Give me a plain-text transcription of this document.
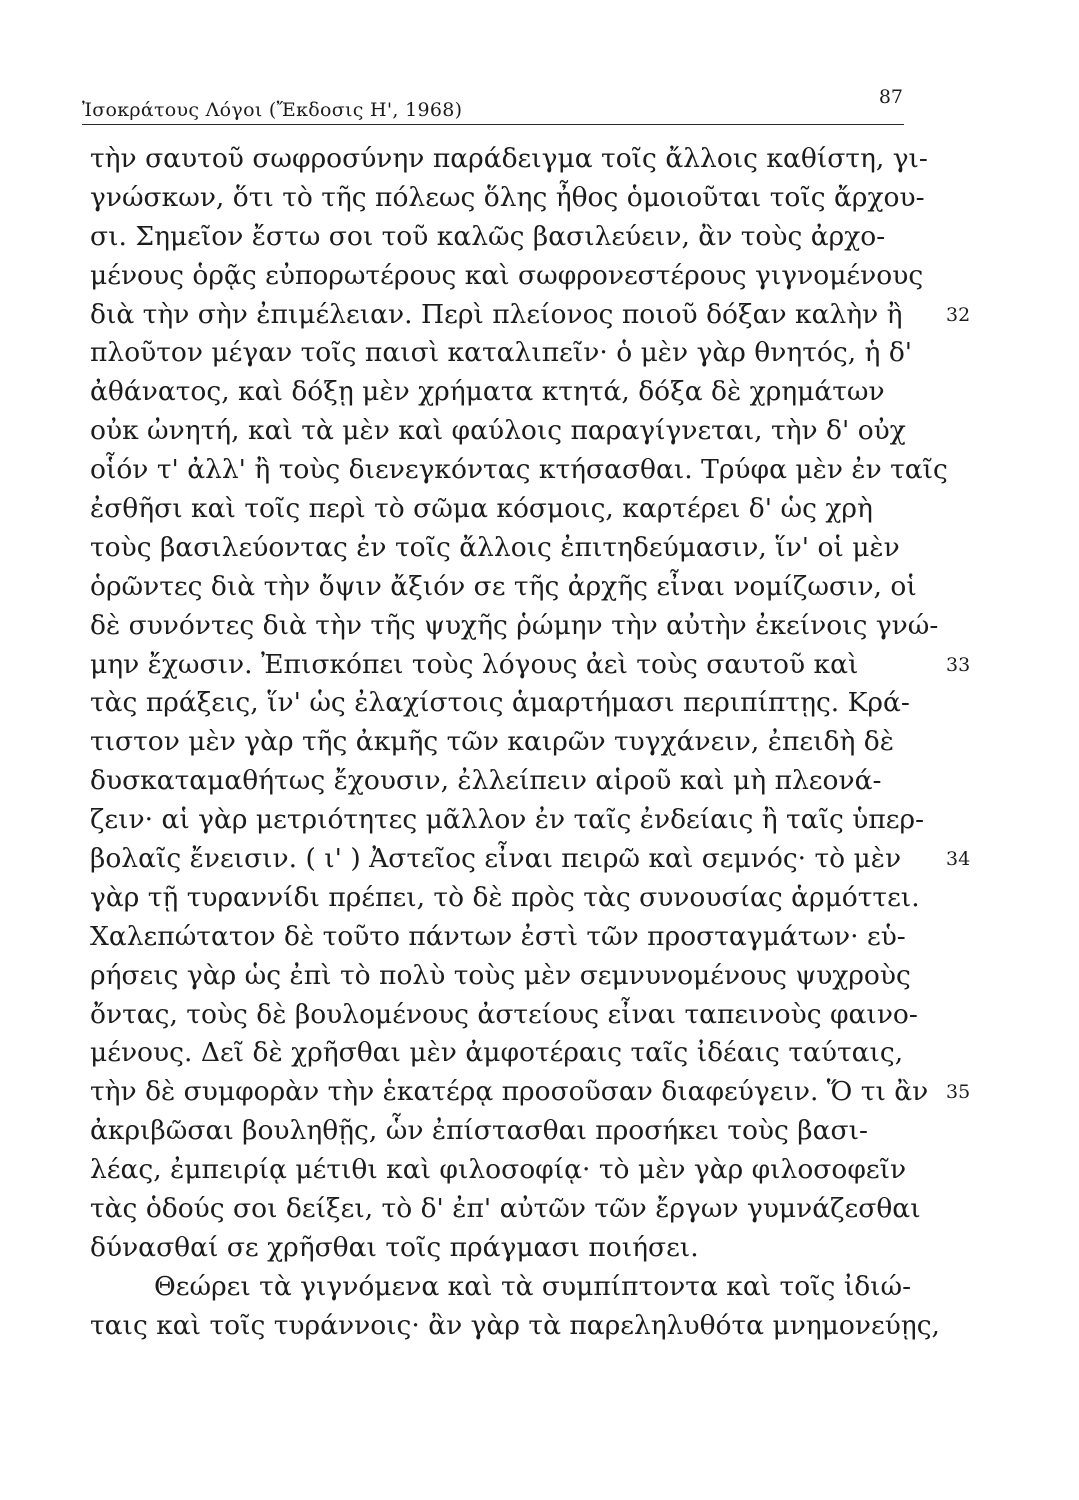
Ἰσοκράτους Λόγοι (Ἔκδοσις Η', 1968)
87
τὴν σαυτοῦ σωφροσύνην παράδειγμα τοῖς ἄλλοις καθίστη, γι-
γνώσκων, ὅτι τὸ τῆς πόλεως ὅλης ἦθος ὁμοιοῦται τοῖς ἄρχου-
σι. Σημεῖον ἔστω σοι τοῦ καλῶς βασιλεύειν, ἂν τοὺς ἀρχο-
μένους ὁρᾷς εὐπορωτέρους καὶ σωφρονεστέρους γιγνομένους
διὰ τὴν σὴν ἐπιμέλειαν. Περὶ πλείονος ποιοῦ δόξαν καλὴν ἢ 32
πλοῦτον μέγαν τοῖς παισὶ καταλιπεῖν· ὁ μὲν γὰρ θνητός, ἡ δ'
ἀθάνατος, καὶ δόξῃ μὲν χρήματα κτητά, δόξα δὲ χρημάτων
οὐκ ὠνητή, καὶ τὰ μὲν καὶ φαύλοις παραγίγνεται, τὴν δ' οὐχ
οἷόν τ' ἀλλ' ἢ τοὺς διενεγκόντας κτήσασθαι. Τρύφα μὲν ἐν ταῖς
ἐσθῆσι καὶ τοῖς περὶ τὸ σῶμα κόσμοις, καρτέρει δ' ὡς χρὴ
τοὺς βασιλεύοντας ἐν τοῖς ἄλλοις ἐπιτηδεύμασιν, ἵν' οἱ μὲν
ὁρῶντες διὰ τὴν ὄψιν ἄξιόν σε τῆς ἀρχῆς εἶναι νομίζωσιν, οἱ
δὲ συνόντες διὰ τὴν τῆς ψυχῆς ῥώμην τὴν αὐτὴν ἐκείνοις γνώ-
μην ἔχωσιν. Ἐπισκόπει τοὺς λόγους ἀεὶ τοὺς σαυτοῦ καὶ	33
τὰς πράξεις, ἵν' ὡς ἐλαχίστοις ἁμαρτήμασι περιπίπτῃς. Κρά-
τιστον μὲν γὰρ τῆς ἀκμῆς τῶν καιρῶν τυγχάνειν, ἐπειδὴ δὲ
δυσκαταμαθήτως ἔχουσιν, ἐλλείπειν αἱροῦ καὶ μὴ πλεονά-
ζειν· αἱ γὰρ μετριότητες μᾶλλον ἐν ταῖς ἐνδείαις ἢ ταῖς ὑπερ-
βολαῖς ἔνεισιν. ( ι' ) Ἀστεῖος εἶναι πειρῶ καὶ σεμνός· τὸ μὲν 34
γὰρ τῇ τυραννίδι πρέπει, τὸ δὲ πρὸς τὰς συνουσίας ἁρμόττει.
Χαλεπώτατον δὲ τοῦτο πάντων ἐστὶ τῶν προσταγμάτων· εὑ-
ρήσεις γὰρ ὡς ἐπὶ τὸ πολὺ τοὺς μὲν σεμνυνομένους ψυχροὺς
ὄντας, τοὺς δὲ βουλομένους ἀστείους εἶναι ταπεινοὺς φαινο-
μένους. Δεῖ δὲ χρῆσθαι μὲν ἀμφοτέραις ταῖς ἰδέαις ταύταις,
τὴν δὲ συμφορὰν τὴν ἑκατέρᾳ προσοῦσαν διαφεύγειν. Ὅ τι ἂν 35
ἀκριβῶσαι βουληθῇς, ὧν ἐπίστασθαι προσήκει τοὺς βασι-
λέας, ἐμπειρίᾳ μέτιθι καὶ φιλοσοφίᾳ· τὸ μὲν γὰρ φιλοσοφεῖν
τὰς ὁδούς σοι δείξει, τὸ δ' ἐπ' αὐτῶν τῶν ἔργων γυμνάζεσθαι
δύνασθαί σε χρῆσθαι τοῖς πράγμασι ποιήσει.
Θεώρει τὰ γιγνόμενα καὶ τὰ συμπίπτοντα καὶ τοῖς ἰδιώ-
ταις καὶ τοῖς τυράννοις· ἂν γὰρ τὰ παρεληλυθότα μνημονεύῃς,
